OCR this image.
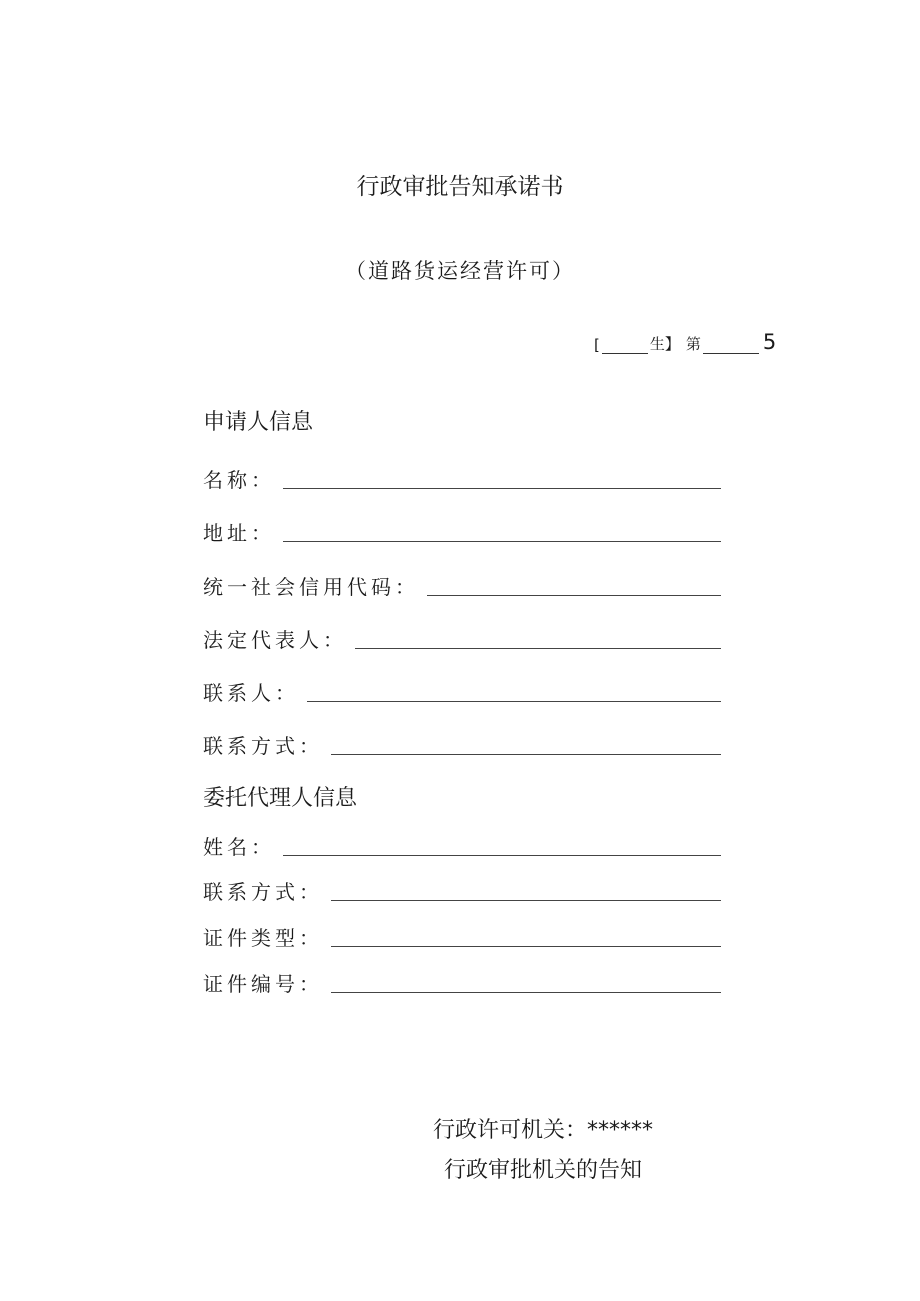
行政审批告知承诺书
（道路货运经营许可）
[	生】 第	5
申请人信息
名称：
地址：
统一社会信用代码：
法定代表人：
联系人：
联系方式：
委托代理人信息
姓名：
联系方式：
证件类型：
证件编号：
行政许可机关：******
行政审批机关的告知
